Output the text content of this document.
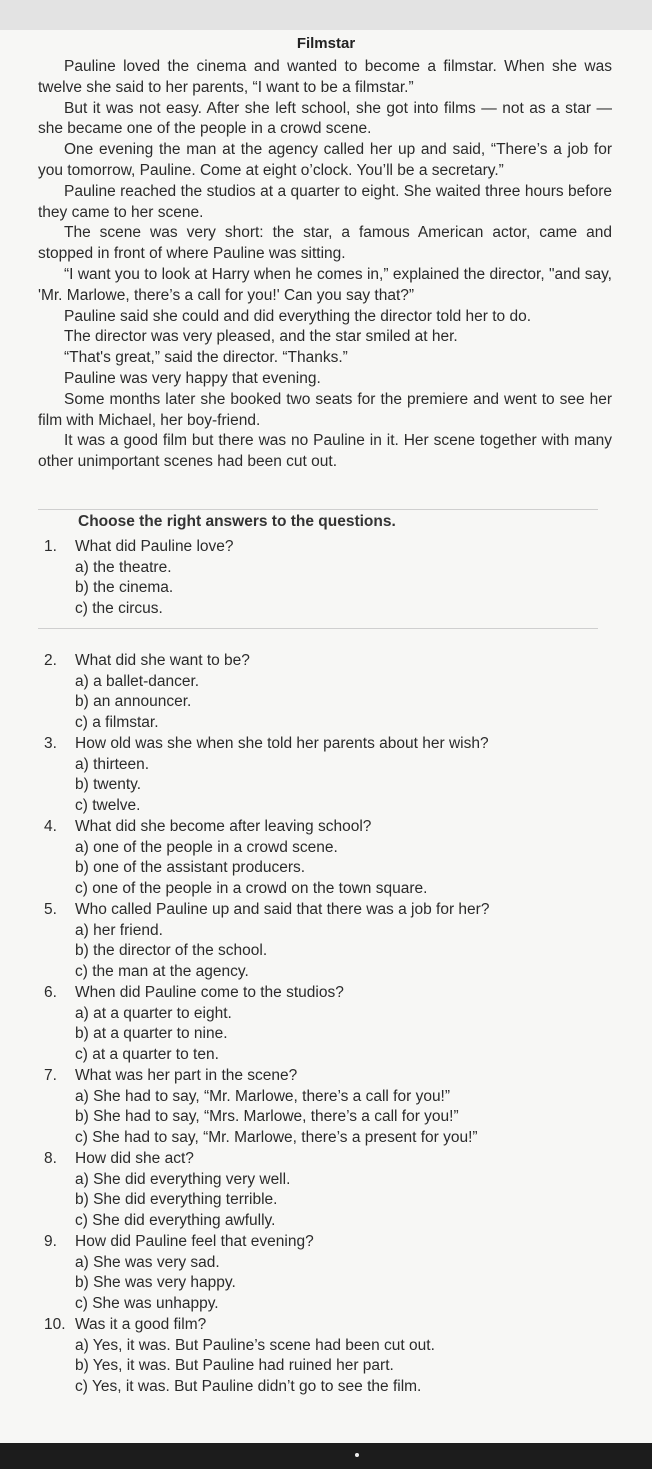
Filmstar

Pauline loved the cinema and wanted to become a filmstar. When she was twelve she said to her parents, “I want to be a filmstar.”

But it was not easy. After she left school, she got into films — not as a star — she became one of the people in a crowd scene.

One evening the man at the agency called her up and said, “There’s a job for you tomorrow, Pauline. Come at eight o’clock. You’ll be a secretary.”

Pauline reached the studios at a quarter to eight. She waited three hours before they came to her scene.

The scene was very short: the star, a famous American actor, came and stopped in front of where Pauline was sitting.

“I want you to look at Harry when he comes in,” explained the director, "and say, 'Mr. Marlowe, there’s a call for you!' Can you say that?”

Pauline said she could and did everything the director told her to do.

The director was very pleased, and the star smiled at her.

“That's great,” said the director. “Thanks.”

Pauline was very happy that evening.

Some months later she booked two seats for the premiere and went to see her film with Michael, her boy-friend.

It was a good film but there was no Pauline in it. Her scene together with many other unimportant scenes had been cut out.

Choose the right answers to the questions.
1.	What did Pauline love?
a) the theatre.
b) the cinema.
c) the circus.
2.	What did she want to be?
a) a ballet-dancer.
b) an announcer.
c) a filmstar.
3.	How old was she when she told her parents about her wish?
a) thirteen.
b) twenty.
c) twelve.
4.	What did she become after leaving school?
a) one of the people in a crowd scene.
b) one of the assistant producers.
c) one of the people in a crowd on the town square.
5.	Who called Pauline up and said that there was a job for her?
a) her friend.
b) the director of the school.
c) the man at the agency.
6.	When did Pauline come to the studios?
a) at a quarter to eight.
b) at a quarter to nine.
c) at a quarter to ten.
7.	What was her part in the scene?
a) She had to say, “Mr. Marlowe, there’s a call for you!”
b) She had to say, “Mrs. Marlowe, there’s a call for you!”
c) She had to say, “Mr. Marlowe, there’s a present for you!”
8.	How did she act?
a) She did everything very well.
b) She did everything terrible.
c) She did everything awfully.
9.	How did Pauline feel that evening?
a) She was very sad.
b) She was very happy.
c) She was unhappy.
10. Was it a good film?
a) Yes, it was. But Pauline’s scene had been cut out.
b) Yes, it was. But Pauline had ruined her part.
c) Yes, it was. But Pauline didn’t go to see the film.
